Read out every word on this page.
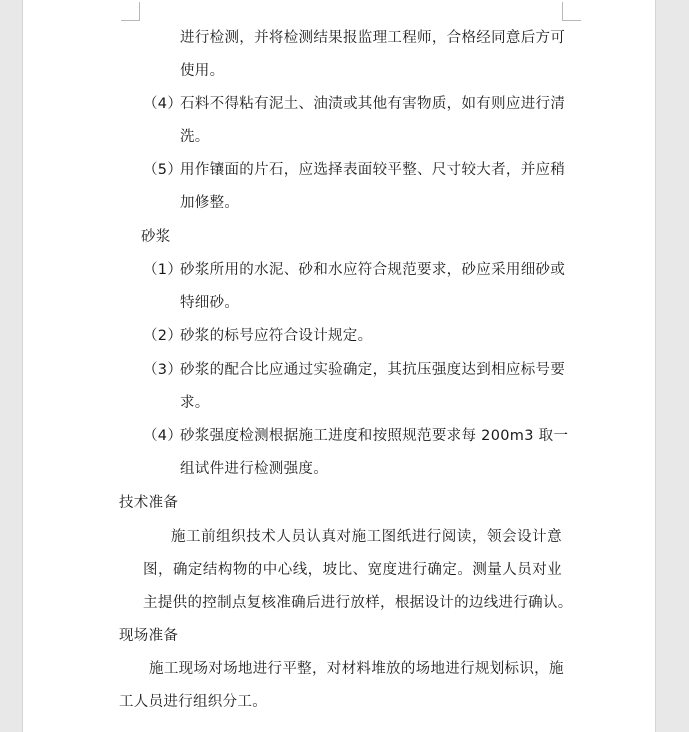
进 行 检 测 ， 并 将 检 测 结 果 报 监 理 工 程 师 ， 合 格 经 同 意 后 方 可
使用。
（4）
石 料 不 得 粘 有 泥 土 、 油 渍 或 其 他 有 害 物 质 ， 如 有 则 应 进 行 清
洗。
（5）
用 作 镶 面 的 片 石 ， 应 选 择 表 面 较 平 整 、 尺 寸 较 大 者 ， 并 应 稍
加修整。
砂浆
（1）
砂 浆 所 用 的 水 泥 、 砂 和 水 应 符 合 规 范 要 求 ， 砂 应 采 用 细 砂 或
特细砂。
（2）
砂浆的标号应符合设计规定。
（3）
砂 浆 的 配 合 比 应 通 过 实 验 确 定 ， 其 抗 压 强 度 达 到 相 应 标 号 要
求。
（4）
砂 浆 强 度 检 测 根 据 施 工 进 度 和 按 照 规 范 要 求 每
2 0 0 m 3
取 一
组试件进行检测强度。
技术准备
施 工 前 组 织 技 术 人 员 认 真 对 施 工 图 纸 进 行 阅 读 ， 领 会 设 计 意
图 ， 确 定 结 构 物 的 中 心 线 ， 坡 比 、 宽 度 进 行 确 定 。 测 量 人 员 对 业
主 提 供 的 控 制 点 复 核 准 确 后 进 行 放 样 ， 根 据 设 计 的 边 线 进 行 确 认 。
现场准备
施 工 现 场 对 场 地 进 行 平 整 ， 对 材 料 堆 放 的 场 地 进 行 规 划 标 识 ， 施
工人员进行组织分工。
